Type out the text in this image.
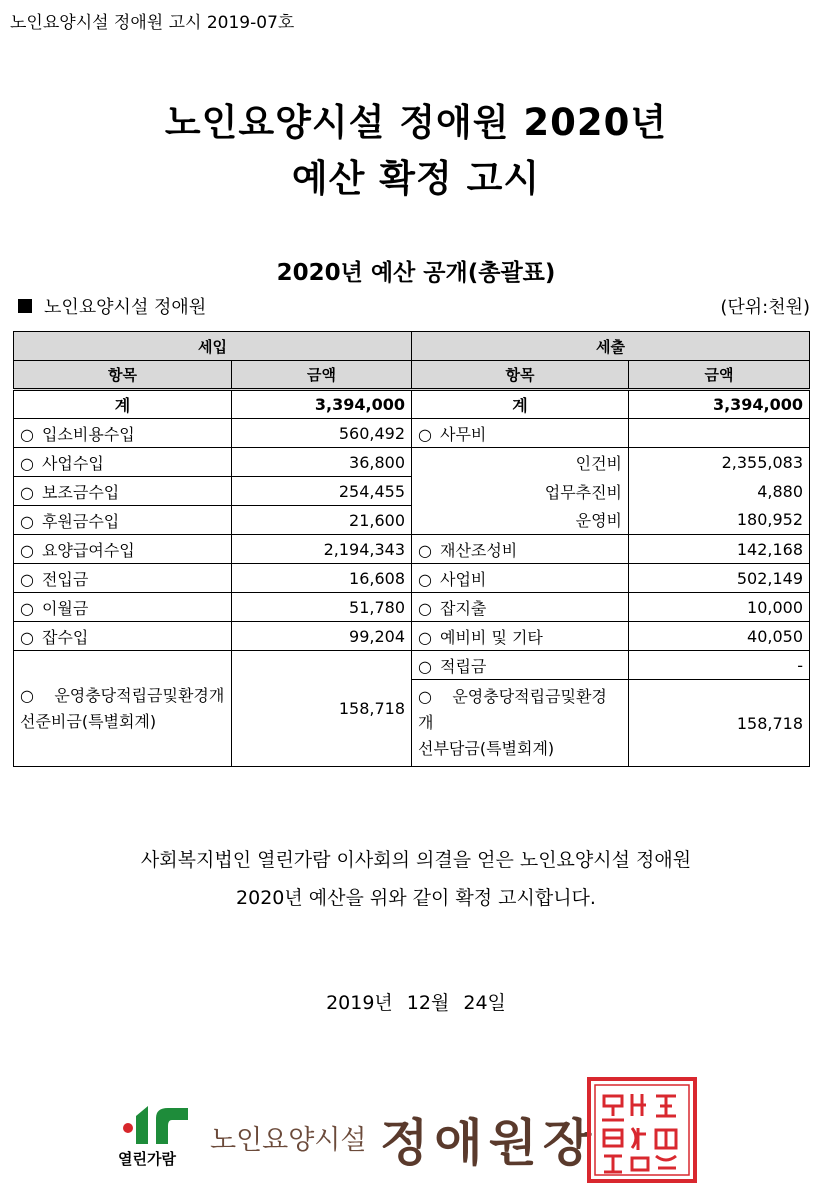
노인요양시설 정애원 고시 2019-07호
노인요양시설 정애원 2020년
예산 확정 고시
2020년 예산 공개(총괄표)
노인요양시설 정애원	(단위:천원)
세입		세출	
항목	금액	항목	금액
계	3,394,000	계	3,394,000
○ 입소비용수입	560,492	○ 사무비	
○ 사업수입	36,800	인건비	2,355,083
○ 보조금수입	254,455	업무추진비	4,880
○ 후원금수입	21,600	운영비	180,952
○ 요양급여수입	2,194,343	○ 재산조성비	142,168
○ 전입금	16,608	○ 사업비	502,149
○ 이월금	51,780	○ 잡지출	10,000
○ 잡수입	99,204	○ 예비비 및 기타	40,050

○ 운영충당적립금및환경개
선준비금(특별회계)	158,718	○ 적립금	-

		○ 운영충당적립금및환경개
선부담금(특별회계)	158,718
사회복지법인 열린가람 이사회의 의결을 얻은 노인요양시설 정애원
2020년 예산을 위와 같이 확정 고시합니다.
2019년 12월 24일
열린가람
노인요양시설 정애원장
